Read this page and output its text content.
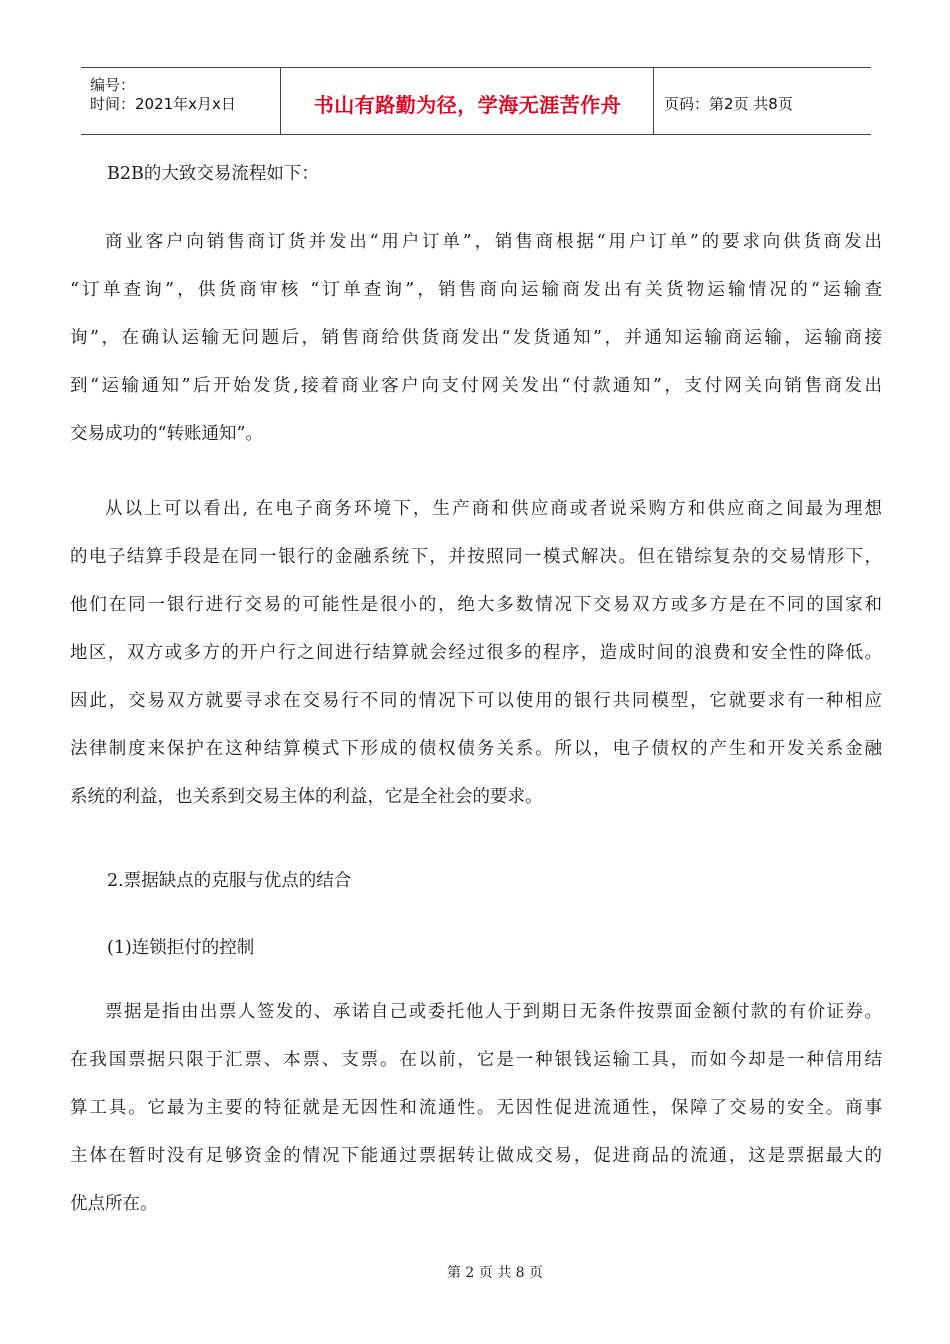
编号：
时间：2021年x月x日	书山有路勤为径，学海无涯苦作舟	页码：第2页 共8页
B2B的大致交易流程如下：
商业客户向销售商订货并发出“用户订单”，销售商根据“用户订单”的要求向供货商发出
“订单查询”，供货商审核 “订单查询”，销售商向运输商发出有关货物运输情况的“运输查
询”，在确认运输无问题后，销售商给供货商发出“发货通知”，并通知运输商运输，运输商接
到“运输通知”后开始发货,接着商业客户向支付网关发出“付款通知”，支付网关向销售商发出
交易成功的“转账通知”。
从以上可以看出, 在电子商务环境下，生产商和供应商或者说采购方和供应商之间最为理想
的电子结算手段是在同一银行的金融系统下，并按照同一模式解决。但在错综复杂的交易情形下，
他们在同一银行进行交易的可能性是很小的，绝大多数情况下交易双方或多方是在不同的国家和
地区，双方或多方的开户行之间进行结算就会经过很多的程序，造成时间的浪费和安全性的降低。
因此，交易双方就要寻求在交易行不同的情况下可以使用的银行共同模型，它就要求有一种相应
法律制度来保护在这种结算模式下形成的债权债务关系。所以，电子债权的产生和开发关系金融
系统的利益，也关系到交易主体的利益，它是全社会的要求。
2.票据缺点的克服与优点的结合
(1)连锁拒付的控制
票据是指由出票人签发的、承诺自己或委托他人于到期日无条件按票面金额付款的有价证券。
在我国票据只限于汇票、本票、支票。在以前，它是一种银钱运输工具，而如今却是一种信用结
算工具。它最为主要的特征就是无因性和流通性。无因性促进流通性，保障了交易的安全。商事
主体在暂时没有足够资金的情况下能通过票据转让做成交易，促进商品的流通，这是票据最大的
优点所在。
第 2 页 共 8 页
